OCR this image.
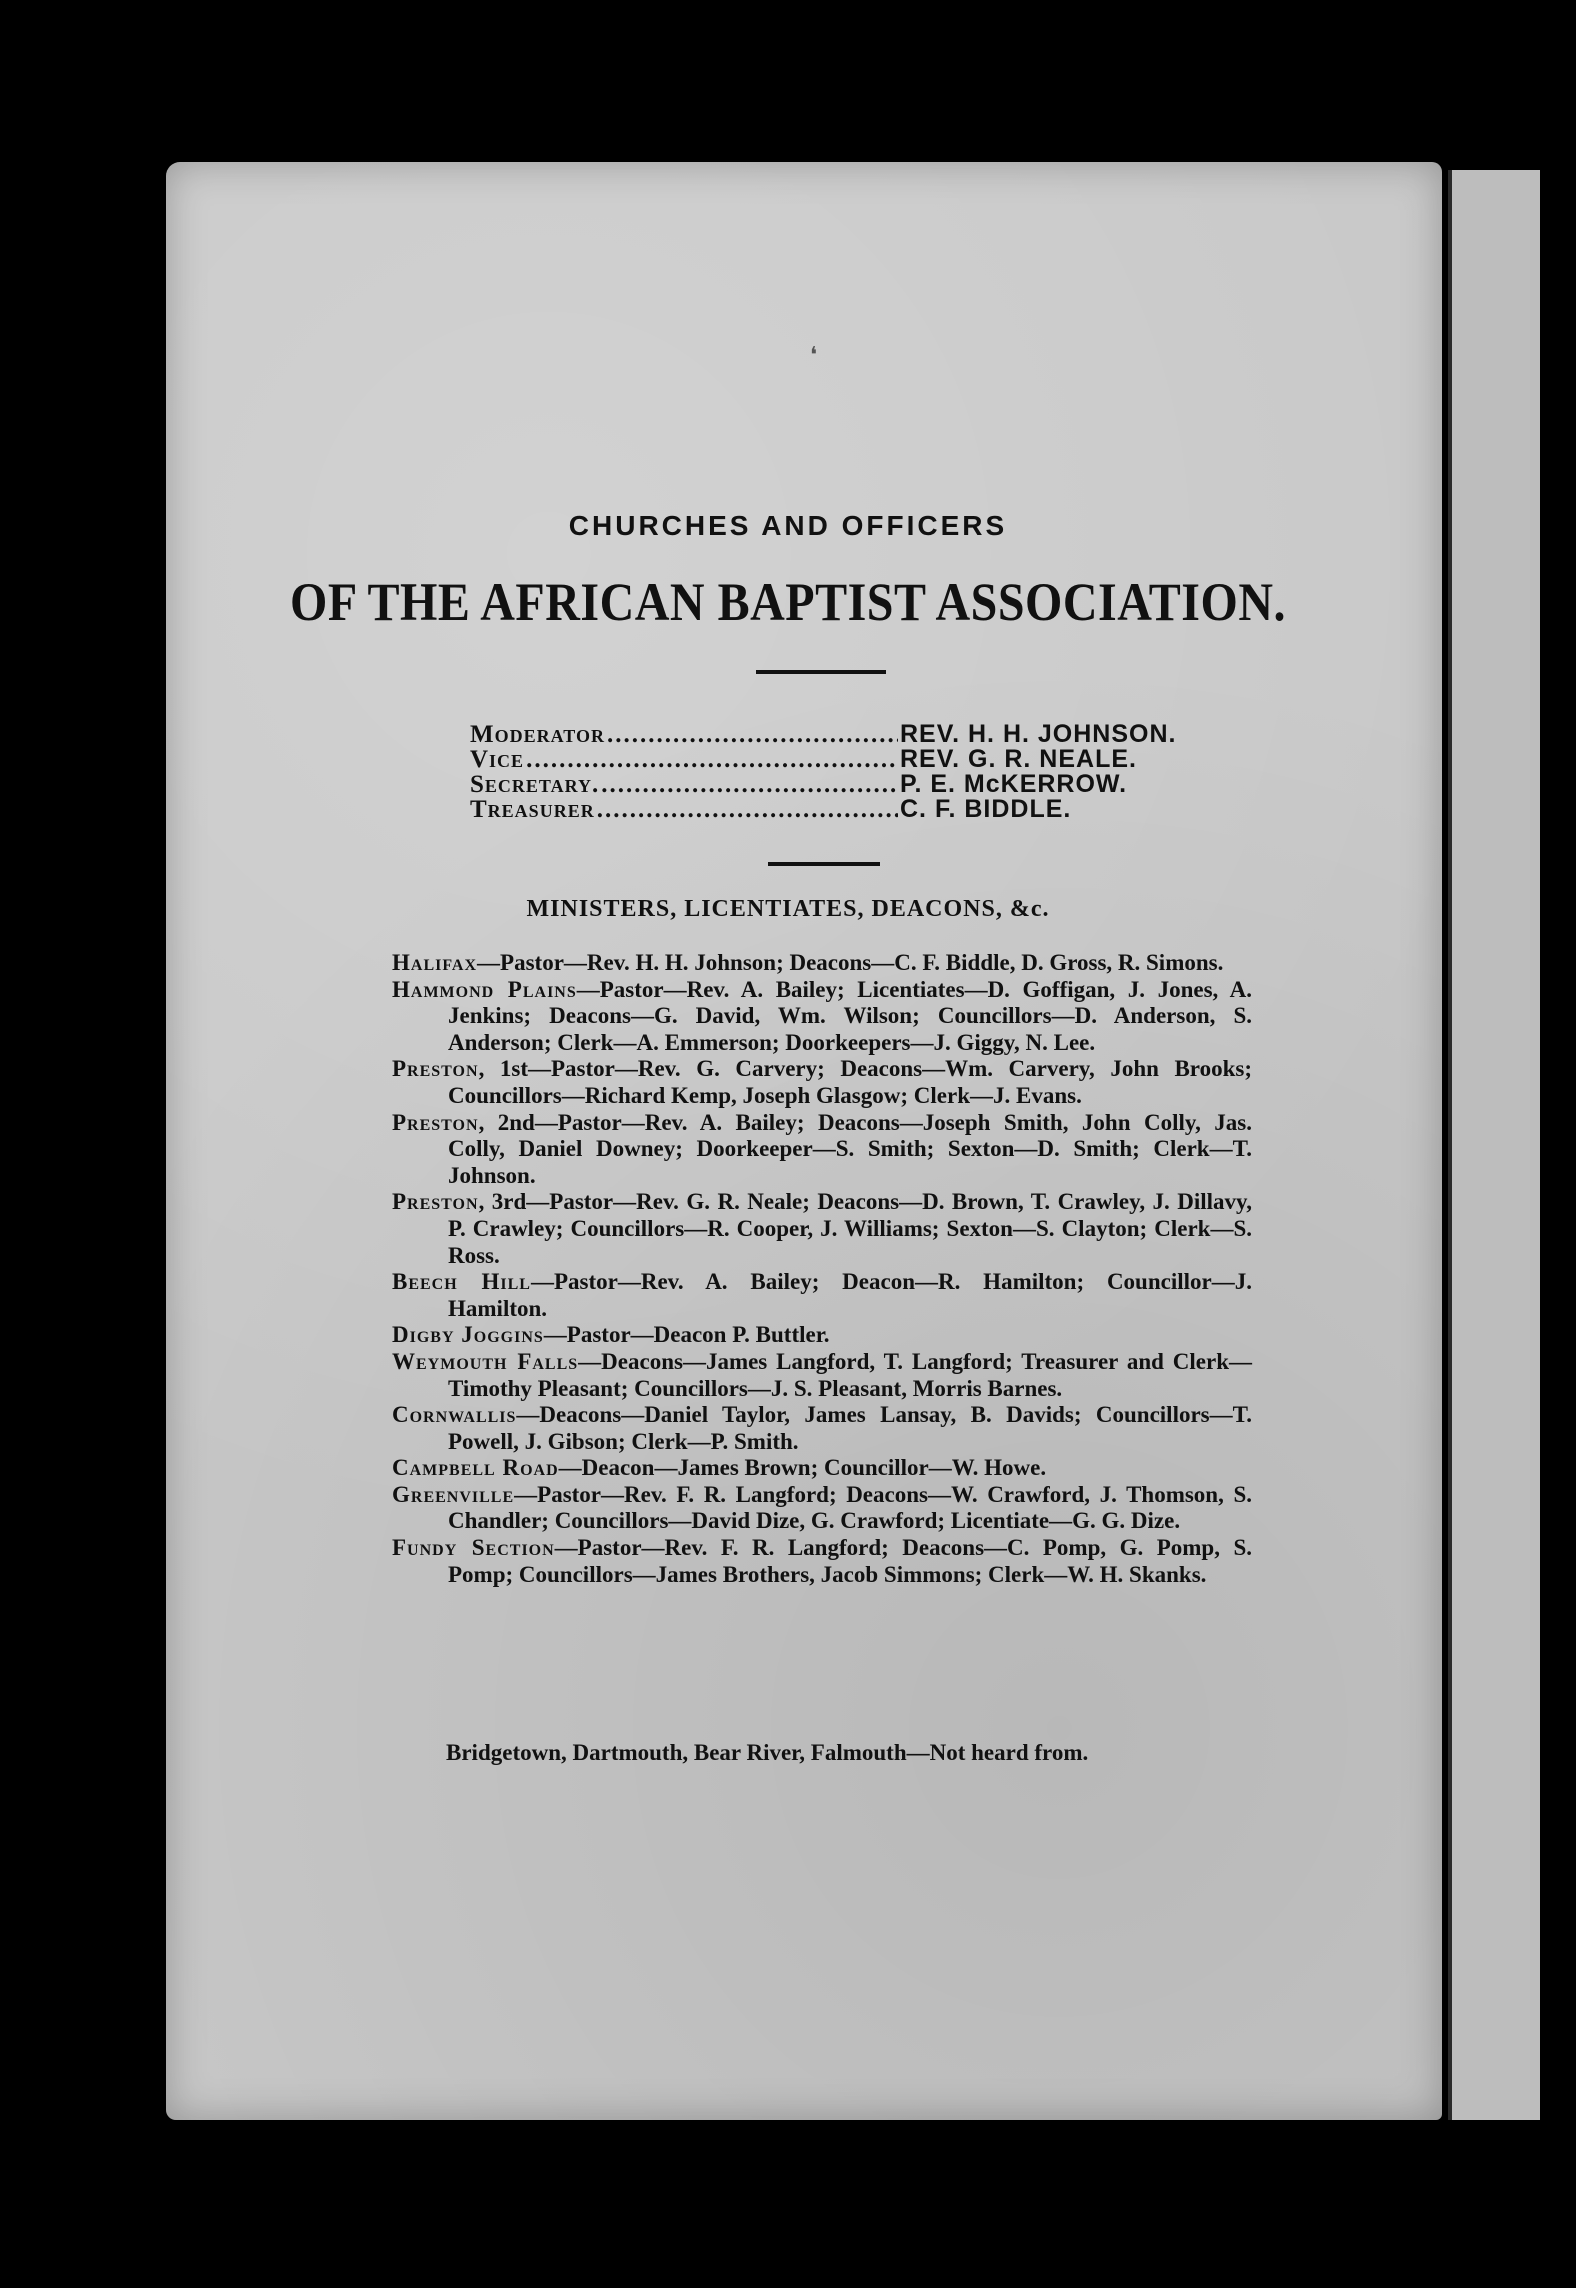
❛
CHURCHES AND OFFICERS
OF THE AFRICAN BAPTIST ASSOCIATION.
Moderator .....	REV. H. H. JOHNSON.
Vice .....	REV. G. R. NEALE.
Secretary. .....	P. E. McKERROW.
Treasurer .....	C. F. BIDDLE.
MINISTERS, LICENTIATES, DEACONS, &c.

Halifax—Pastor—Rev. H. H. Johnson; Deacons—C. F. Biddle, D. Gross, R. Simons.

Hammond Plains—Pastor—Rev. A. Bailey; Licentiates—D. Goffigan, J. Jones, A. Jenkins; Deacons—G. David, Wm. Wilson; Councillors—D. Anderson, S. Anderson; Clerk—A. Emmerson; Doorkeepers—J. Giggy, N. Lee.

Preston, 1st—Pastor—Rev. G. Carvery; Deacons—Wm. Carvery, John Brooks; Councillors—Richard Kemp, Joseph Glasgow; Clerk—J. Evans.

Preston, 2nd—Pastor—Rev. A. Bailey; Deacons—Joseph Smith, John Colly, Jas. Colly, Daniel Downey; Doorkeeper—S. Smith; Sexton—D. Smith; Clerk—T. Johnson.

Preston, 3rd—Pastor—Rev. G. R. Neale; Deacons—D. Brown, T. Crawley, J. Dillavy, P. Crawley; Councillors—R. Cooper, J. Williams; Sexton—S. Clayton; Clerk—S. Ross.

Beech Hill—Pastor—Rev. A. Bailey; Deacon—R. Hamilton; Councillor—J. Hamilton.

Digby Joggins—Pastor—Deacon P. Buttler.

Weymouth Falls—Deacons—James Langford, T. Langford; Treasurer and Clerk—Timothy Pleasant; Councillors—J. S. Pleasant, Morris Barnes.

Cornwallis—Deacons—Daniel Taylor, James Lansay, B. Davids; Councillors—T. Powell, J. Gibson; Clerk—P. Smith.

Campbell Road—Deacon—James Brown; Councillor—W. Howe.

Greenville—Pastor—Rev. F. R. Langford; Deacons—W. Crawford, J. Thomson, S. Chandler; Councillors—David Dize, G. Crawford; Licentiate—G. G. Dize.

Fundy Section—Pastor—Rev. F. R. Langford; Deacons—C. Pomp, G. Pomp, S. Pomp; Councillors—James Brothers, Jacob Simmons; Clerk—W. H. Skanks.

Bridgetown, Dartmouth, Bear River, Falmouth—Not heard from.
